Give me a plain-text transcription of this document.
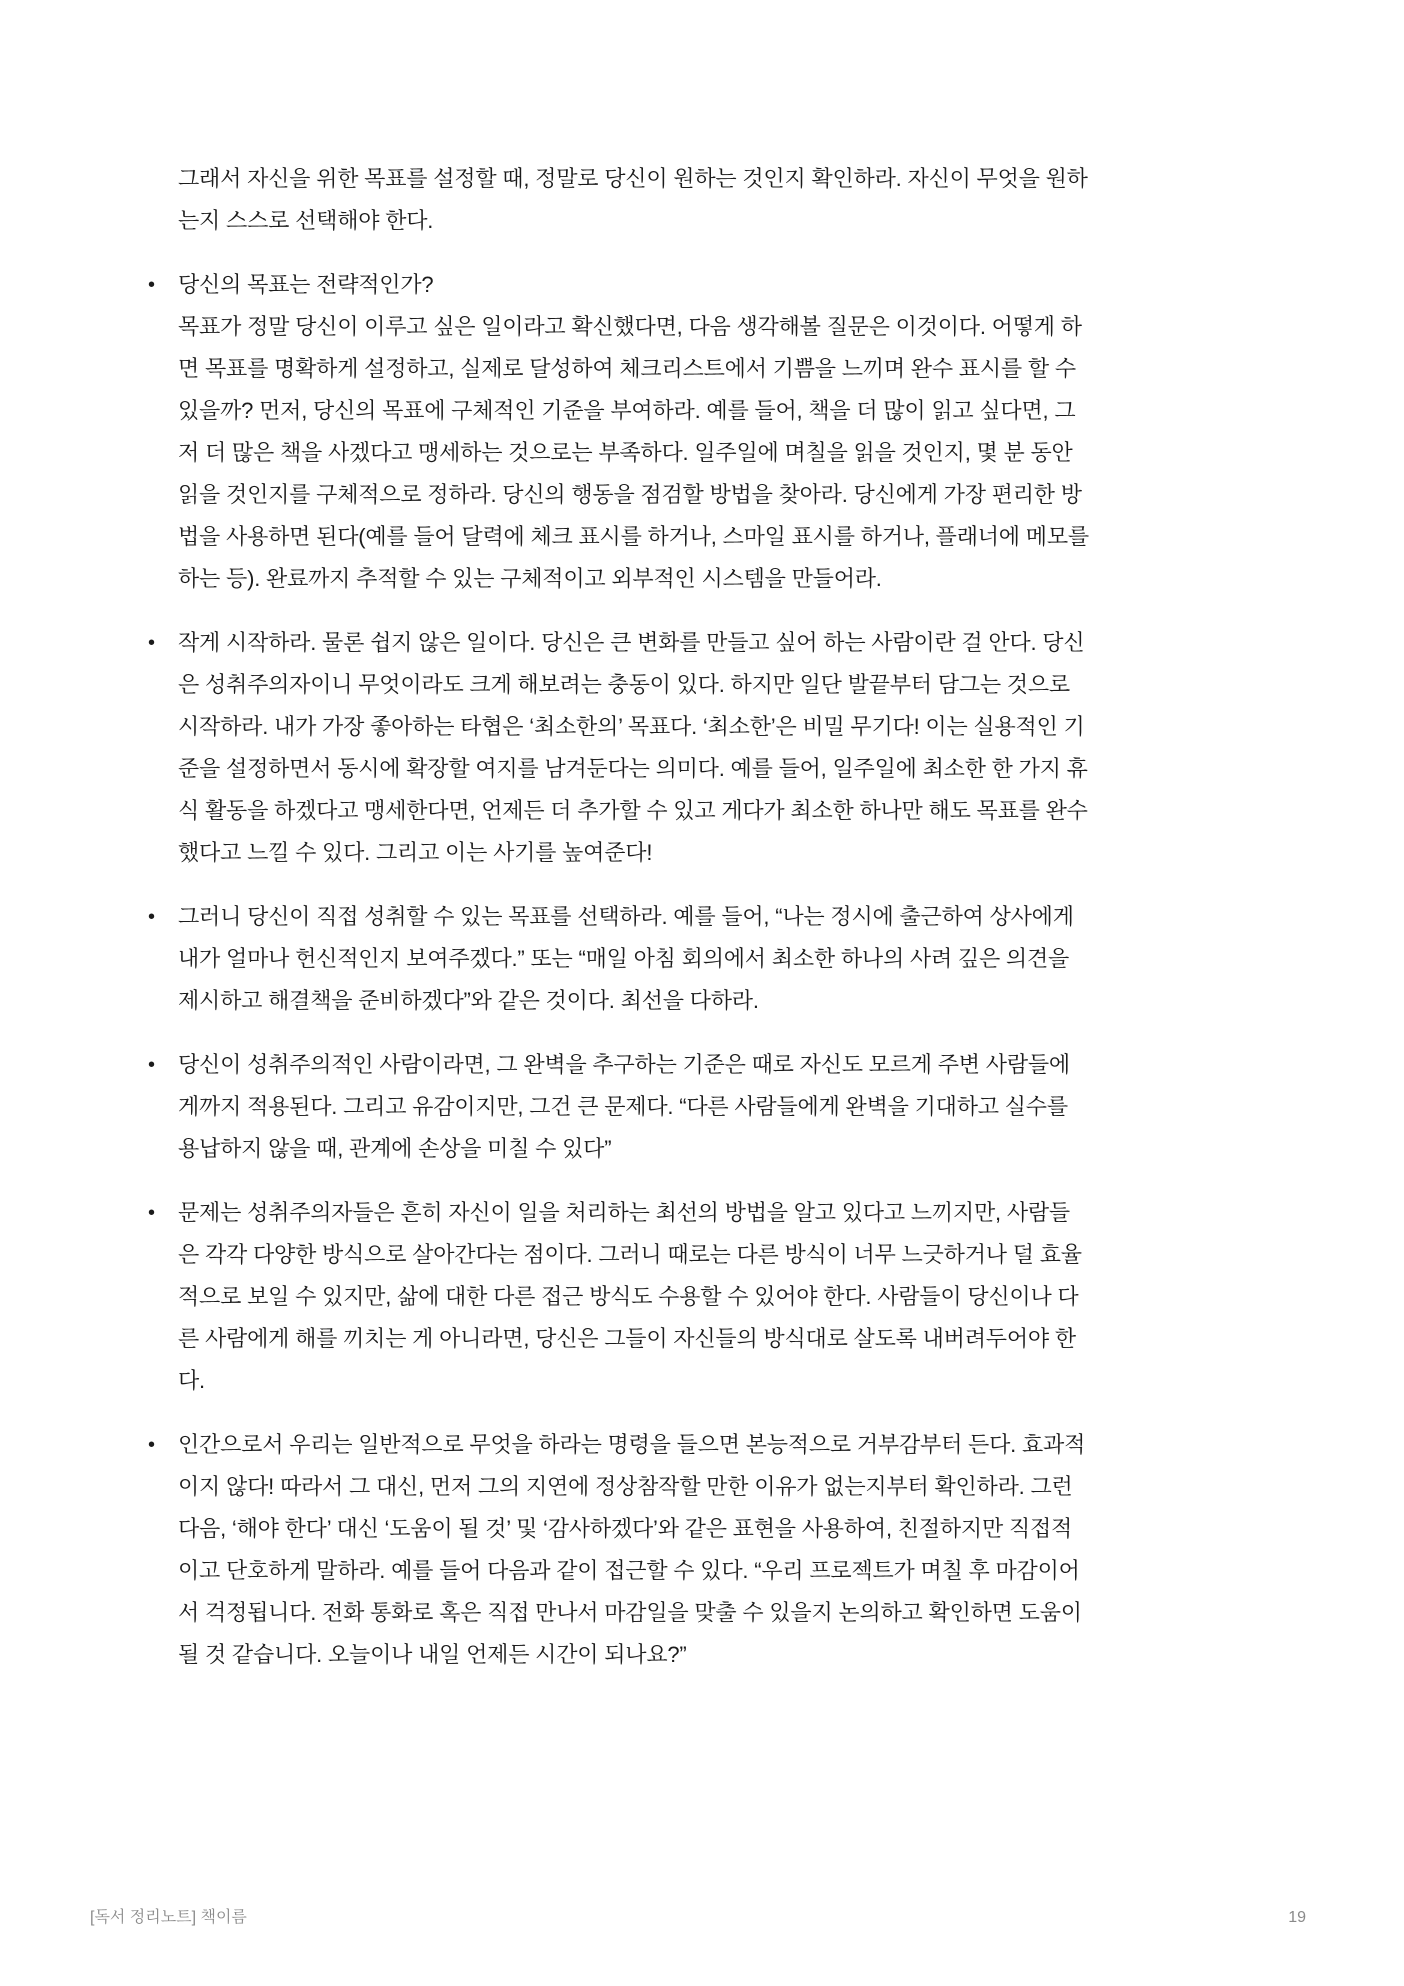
그래서 자신을 위한 목표를 설정할 때, 정말로 당신이 원하는 것인지 확인하라. 자신이 무엇을 원하는지 스스로 선택해야 한다.

• 당신의 목표는 전략적인가?
목표가 정말 당신이 이루고 싶은 일이라고 확신했다면, 다음 생각해볼 질문은 이것이다. 어떻게 하면 목표를 명확하게 설정하고, 실제로 달성하여 체크리스트에서 기쁨을 느끼며 완수 표시를 할 수 있을까? 먼저, 당신의 목표에 구체적인 기준을 부여하라. 예를 들어, 책을 더 많이 읽고 싶다면, 그저 더 많은 책을 사겠다고 맹세하는 것으로는 부족하다. 일주일에 며칠을 읽을 것인지, 몇 분 동안 읽을 것인지를 구체적으로 정하라. 당신의 행동을 점검할 방법을 찾아라. 당신에게 가장 편리한 방법을 사용하면 된다(예를 들어 달력에 체크 표시를 하거나, 스마일 표시를 하거나, 플래너에 메모를 하는 등). 완료까지 추적할 수 있는 구체적이고 외부적인 시스템을 만들어라.
• 작게 시작하라. 물론 쉽지 않은 일이다. 당신은 큰 변화를 만들고 싶어 하는 사람이란 걸 안다. 당신은 성취주의자이니 무엇이라도 크게 해보려는 충동이 있다. 하지만 일단 발끝부터 담그는 것으로 시작하라. 내가 가장 좋아하는 타협은 ‘최소한의’ 목표다. ‘최소한’은 비밀 무기다! 이는 실용적인 기준을 설정하면서 동시에 확장할 여지를 남겨둔다는 의미다. 예를 들어, 일주일에 최소한 한 가지 휴식 활동을 하겠다고 맹세한다면, 언제든 더 추가할 수 있고 게다가 최소한 하나만 해도 목표를 완수했다고 느낄 수 있다. 그리고 이는 사기를 높여준다!
• 그러니 당신이 직접 성취할 수 있는 목표를 선택하라. 예를 들어, “나는 정시에 출근하여 상사에게 내가 얼마나 헌신적인지 보여주겠다.” 또는 “매일 아침 회의에서 최소한 하나의 사려 깊은 의견을 제시하고 해결책을 준비하겠다”와 같은 것이다. 최선을 다하라.
• 당신이 성취주의적인 사람이라면, 그 완벽을 추구하는 기준은 때로 자신도 모르게 주변 사람들에게까지 적용된다. 그리고 유감이지만, 그건 큰 문제다. “다른 사람들에게 완벽을 기대하고 실수를 용납하지 않을 때, 관계에 손상을 미칠 수 있다”
• 문제는 성취주의자들은 흔히 자신이 일을 처리하는 최선의 방법을 알고 있다고 느끼지만, 사람들은 각각 다양한 방식으로 살아간다는 점이다. 그러니 때로는 다른 방식이 너무 느긋하거나 덜 효율적으로 보일 수 있지만, 삶에 대한 다른 접근 방식도 수용할 수 있어야 한다. 사람들이 당신이나 다른 사람에게 해를 끼치는 게 아니라면, 당신은 그들이 자신들의 방식대로 살도록 내버려두어야 한다.
• 인간으로서 우리는 일반적으로 무엇을 하라는 명령을 들으면 본능적으로 거부감부터 든다. 효과적이지 않다! 따라서 그 대신, 먼저 그의 지연에 정상참작할 만한 이유가 없는지부터 확인하라. 그런 다음, ‘해야 한다’ 대신 ‘도움이 될 것’ 및 ‘감사하겠다’와 같은 표현을 사용하여, 친절하지만 직접적이고 단호하게 말하라. 예를 들어 다음과 같이 접근할 수 있다. “우리 프로젝트가 며칠 후 마감이어서 걱정됩니다. 전화 통화로 혹은 직접 만나서 마감일을 맞출 수 있을지 논의하고 확인하면 도움이 될 것 같습니다. 오늘이나 내일 언제든 시간이 되나요?”
[독서 정리노트] 책이름	19
